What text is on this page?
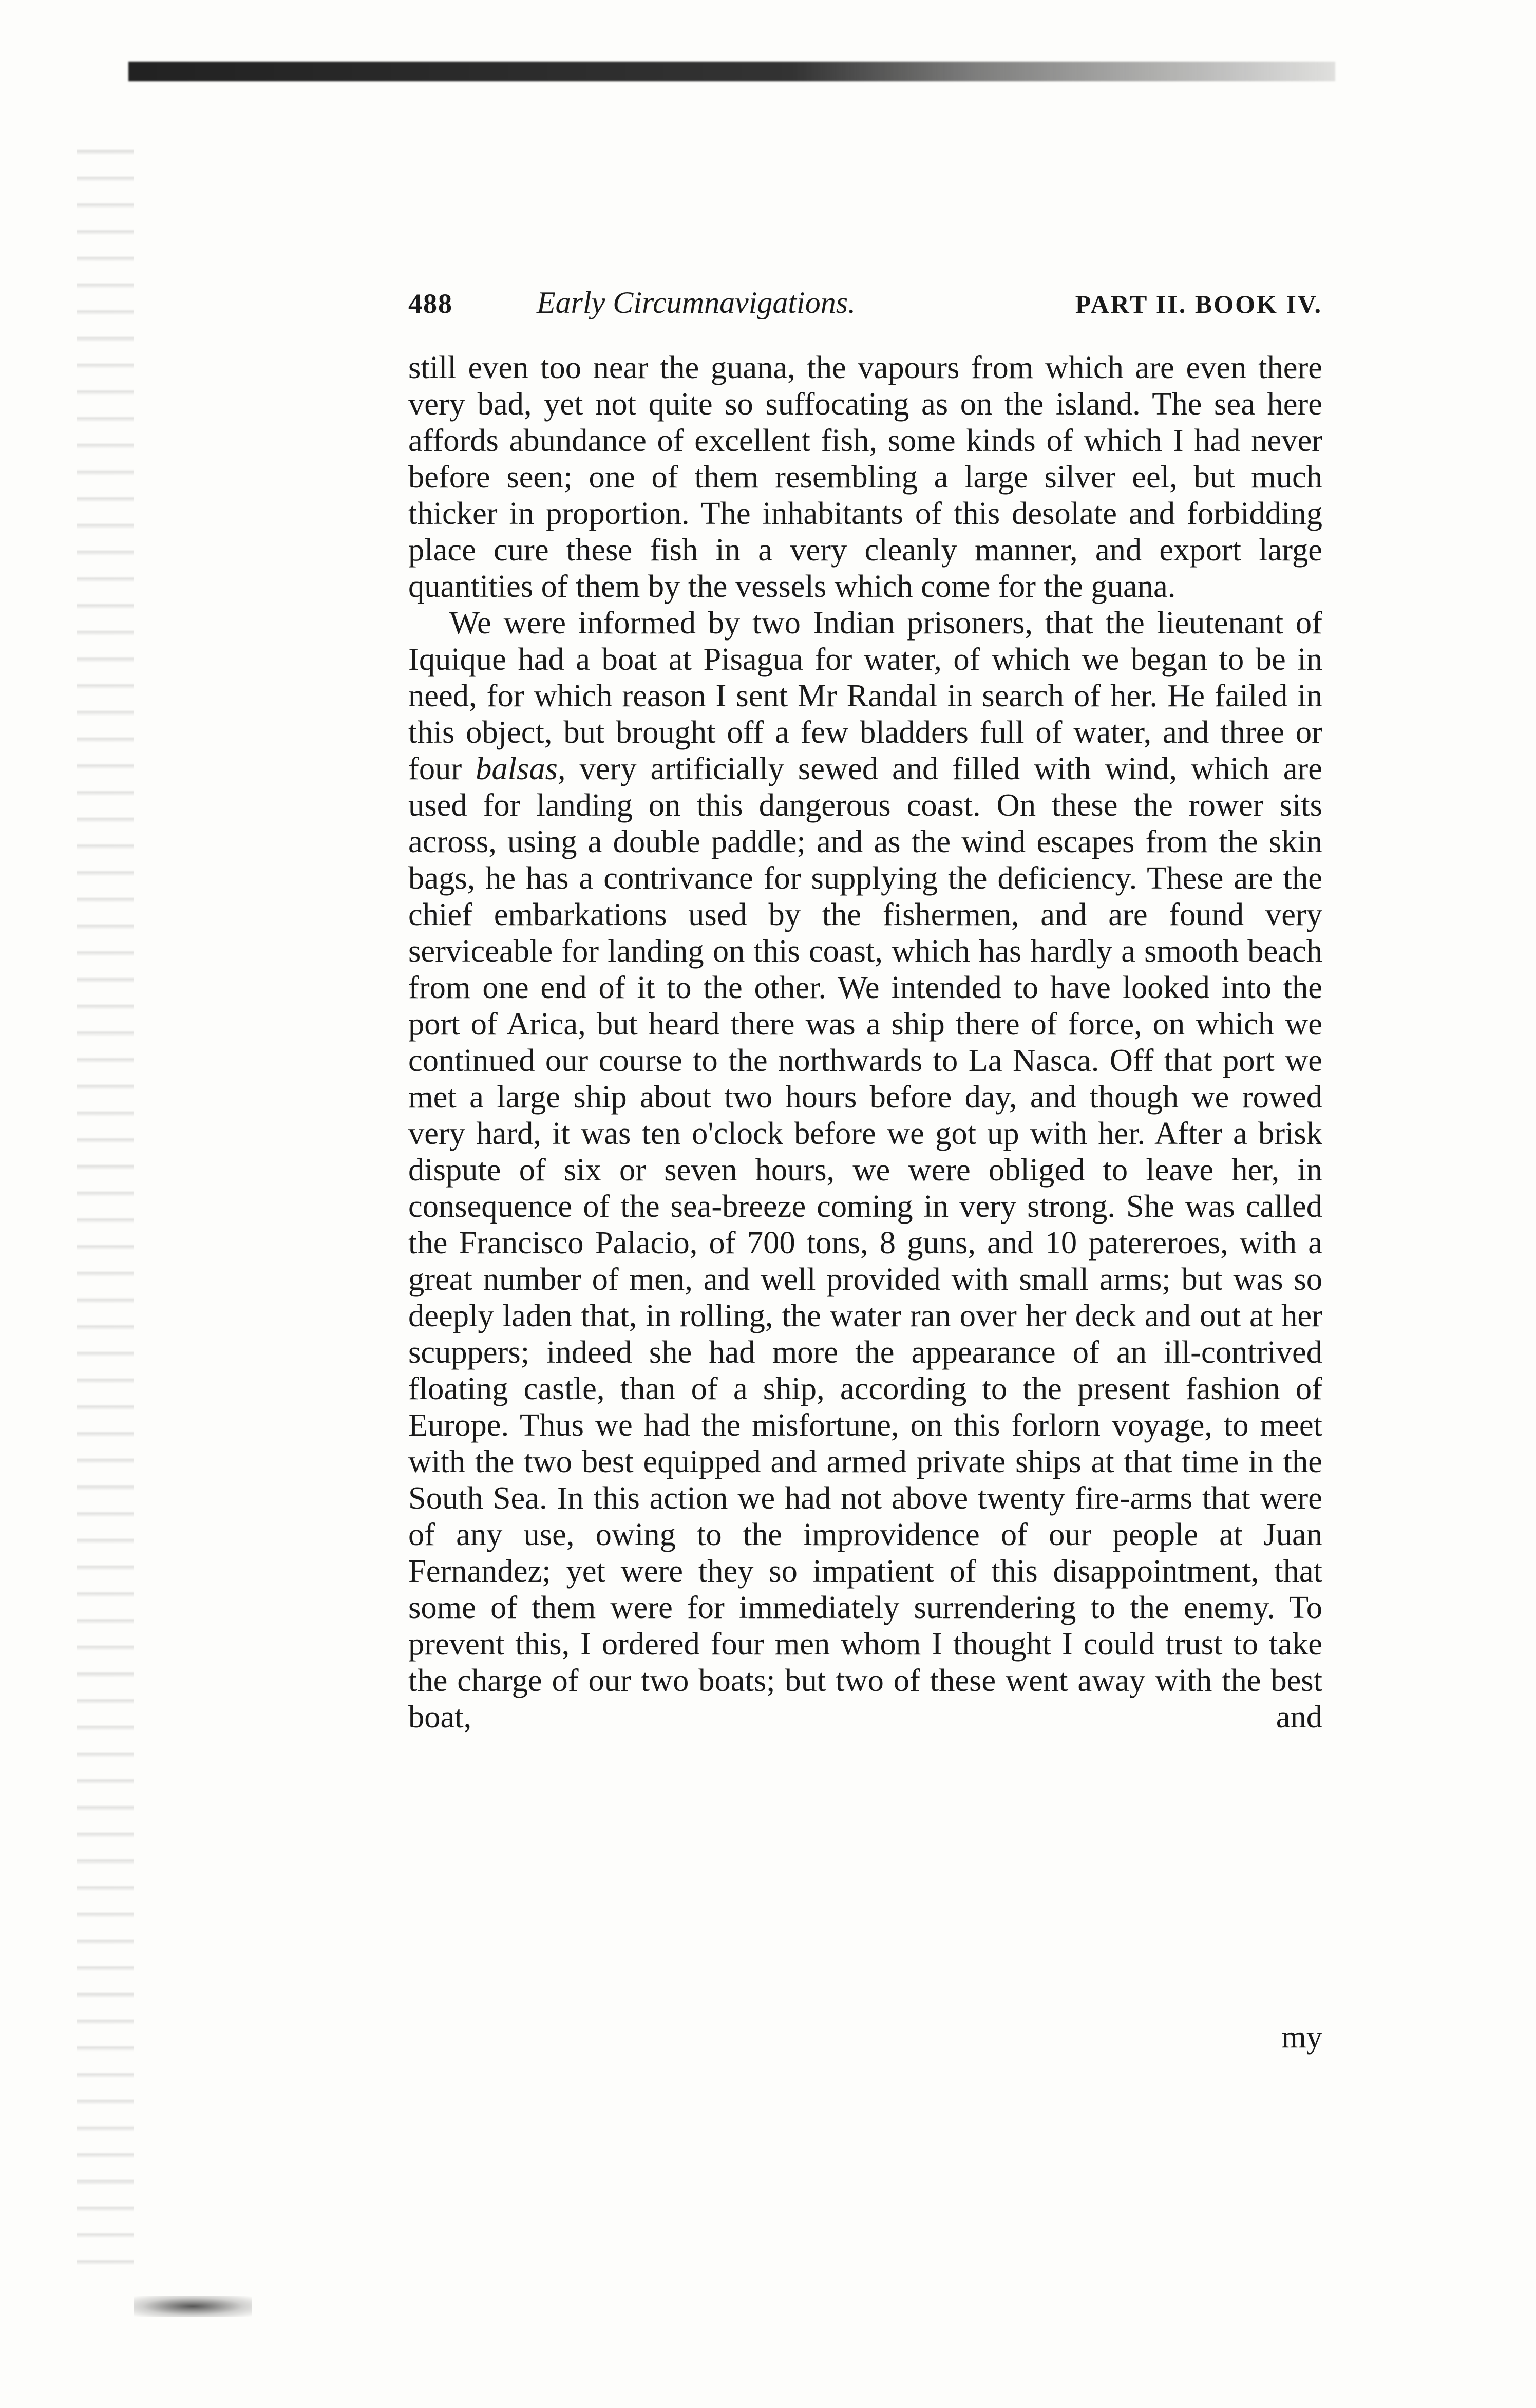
488	Early Circumnavigations.	PART II. BOOK IV.

still even too near the guana, the vapours from which are even there very bad, yet not quite so suffocating as on the island. The sea here affords abundance of excellent fish, some kinds of which I had never before seen; one of them resembling a large silver eel, but much thicker in proportion. The inhabitants of this desolate and forbidding place cure these fish in a very cleanly manner, and export large quantities of them by the vessels which come for the guana.

We were informed by two Indian prisoners, that the lieutenant of Iquique had a boat at Pisagua for water, of which we began to be in need, for which reason I sent Mr Randal in search of her. He failed in this object, but brought off a few bladders full of water, and three or four balsas, very artificially sewed and filled with wind, which are used for landing on this dangerous coast. On these the rower sits across, using a double paddle; and as the wind escapes from the skin bags, he has a contrivance for supplying the deficiency. These are the chief embarkations used by the fishermen, and are found very serviceable for landing on this coast, which has hardly a smooth beach from one end of it to the other. We intended to have looked into the port of Arica, but heard there was a ship there of force, on which we continued our course to the northwards to La Nasca. Off that port we met a large ship about two hours before day, and though we rowed very hard, it was ten o'clock before we got up with her. After a brisk dispute of six or seven hours, we were obliged to leave her, in consequence of the sea-breeze coming in very strong. She was called the Francisco Palacio, of 700 tons, 8 guns, and 10 patereroes, with a great number of men, and well provided with small arms; but was so deeply laden that, in rolling, the water ran over her deck and out at her scuppers; indeed she had more the appearance of an ill-contrived floating castle, than of a ship, according to the present fashion of Europe. Thus we had the misfortune, on this forlorn voyage, to meet with the two best equipped and armed private ships at that time in the South Sea. In this action we had not above twenty fire-arms that were of any use, owing to the improvidence of our people at Juan Fernandez; yet were they so impatient of this disappointment, that some of them were for immediately surrendering to the enemy. To prevent this, I ordered four men whom I thought I could trust to take the charge of our two boats; but two of these went away with the best boat, and

my
